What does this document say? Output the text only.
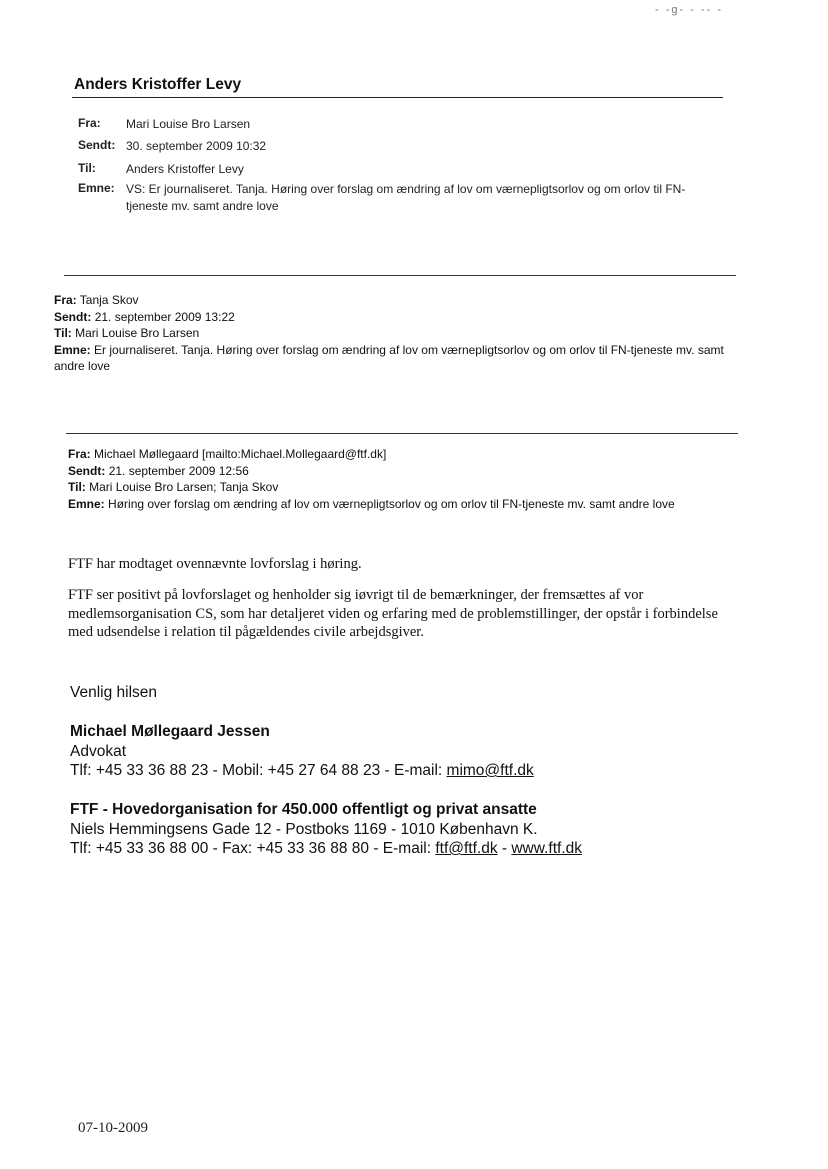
- -g- - -- -
Anders Kristoffer Levy
Fra:	Mari Louise Bro Larsen
Sendt: 30. september 2009 10:32
Til:	Anders Kristoffer Levy
Emne: VS: Er journaliseret. Tanja. Høring over forslag om ændring af lov om værnepligtsorlov og om orlov til FN-tjeneste mv. samt andre love
Fra: Tanja Skov
Sendt: 21. september 2009 13:22
Til: Mari Louise Bro Larsen
Emne: Er journaliseret. Tanja. Høring over forslag om ændring af lov om værnepligtsorlov og om orlov til FN-tjeneste mv. samt andre love
Fra: Michael Møllegaard [mailto:Michael.Mollegaard@ftf.dk]
Sendt: 21. september 2009 12:56
Til: Mari Louise Bro Larsen; Tanja Skov
Emne: Høring over forslag om ændring af lov om værnepligtsorlov og om orlov til FN-tjeneste mv. samt andre love
FTF har modtaget ovennævnte lovforslag i høring.
FTF ser positivt på lovforslaget og henholder sig iøvrigt til de bemærkninger, der fremsættes af vor medlemsorganisation CS, som har detaljeret viden og erfaring med de problemstillinger, der opstår i forbindelse med udsendelse i relation til pågældendes civile arbejdsgiver.
Venlig hilsen
Michael Møllegaard Jessen
Advokat
Tlf: +45 33 36 88 23 - Mobil: +45 27 64 88 23 - E-mail: mimo@ftf.dk
FTF - Hovedorganisation for 450.000 offentligt og privat ansatte
Niels Hemmingsens Gade 12 - Postboks 1169 - 1010 København K.
Tlf: +45 33 36 88 00 - Fax: +45 33 36 88 80 - E-mail: ftf@ftf.dk - www.ftf.dk
07-10-2009
